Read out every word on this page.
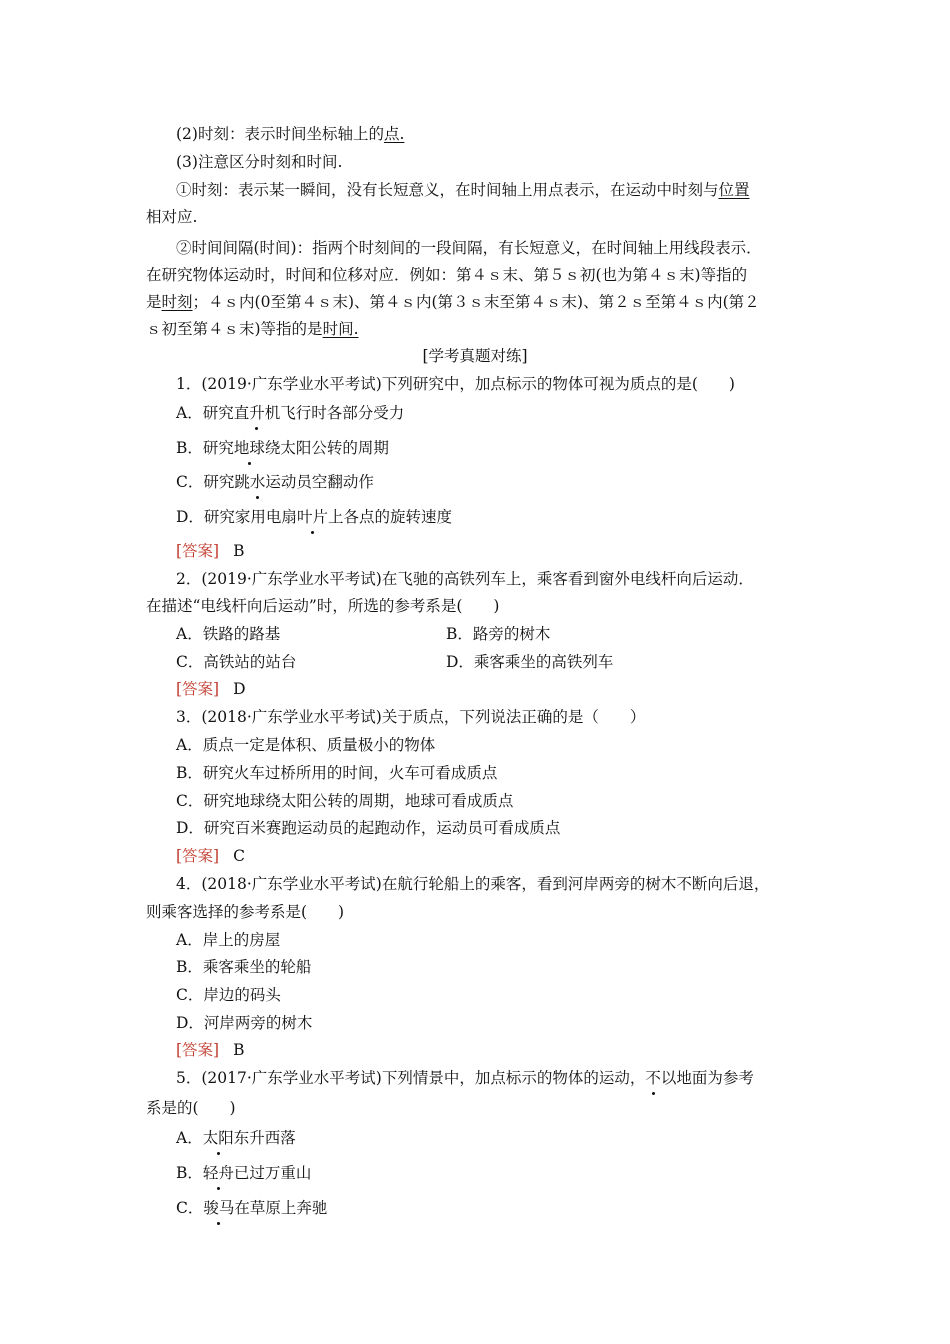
(2)时刻：表示时间坐标轴上的点.
(3)注意区分时刻和时间.
①时刻：表示某一瞬间，没有长短意义，在时间轴上用点表示，在运动中时刻与位置
相对应.
②时间间隔(时间)：指两个时刻间的一段间隔，有长短意义，在时间轴上用线段表示．
在研究物体运动时，时间和位移对应．例如：第４ｓ末、第５ｓ初(也为第４ｓ末)等指的
是时刻；４ｓ内(0至第４ｓ末)、第４ｓ内(第３ｓ末至第４ｓ末)、第２ｓ至第４ｓ内(第２
ｓ初至第４ｓ末)等指的是时间.
[学考真题对练]
1．(2019·广东学业水平考试)下列研究中，加点标示的物体可视为质点的是(　　)
A．研究直升机飞行时各部分受力
B．研究地球绕太阳公转的周期
C．研究跳水运动员空翻动作
D．研究家用电扇叶片上各点的旋转速度
[答案] B
2．(2019·广东学业水平考试)在飞驰的高铁列车上，乘客看到窗外电线杆向后运动．
在描述“电线杆向后运动”时，所选的参考系是(　　)
A．铁路的路基	B．路旁的树木
C．高铁站的站台	D．乘客乘坐的高铁列车
[答案] D
3．(2018·广东学业水平考试)关于质点，下列说法正确的是（　　）
A．质点一定是体积、质量极小的物体
B．研究火车过桥所用的时间，火车可看成质点
C．研究地球绕太阳公转的周期，地球可看成质点
D．研究百米赛跑运动员的起跑动作，运动员可看成质点
[答案] C
4．(2018·广东学业水平考试)在航行轮船上的乘客，看到河岸两旁的树木不断向后退，
则乘客选择的参考系是(　　)
A．岸上的房屋
B．乘客乘坐的轮船
C．岸边的码头
D．河岸两旁的树木
[答案] B
5．(2017·广东学业水平考试)下列情景中，加点标示的物体的运动，不以地面为参考
系是的(　　)
A．太阳东升西落
B．轻舟已过万重山
C．骏马在草原上奔驰
